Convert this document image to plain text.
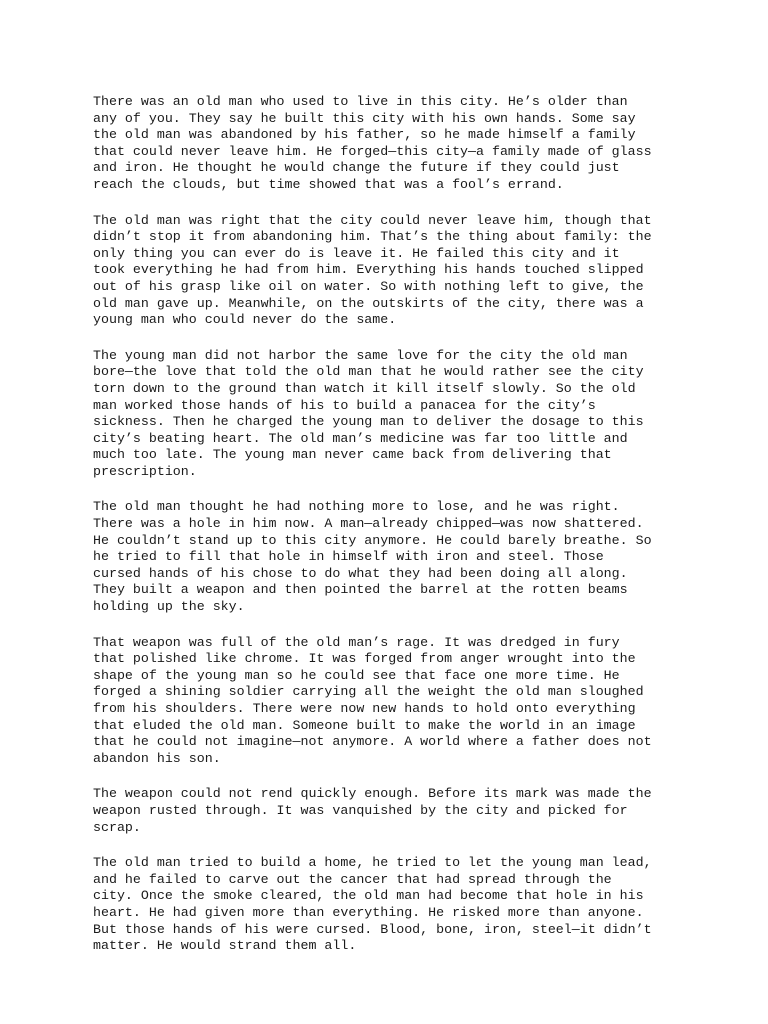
There was an old man who used to live in this city. He’s older than
any of you. They say he built this city with his own hands. Some say
the old man was abandoned by his father, so he made himself a family
that could never leave him. He forged—this city—a family made of glass
and iron. He thought he would change the future if they could just
reach the clouds, but time showed that was a fool’s errand.
The old man was right that the city could never leave him, though that
didn’t stop it from abandoning him. That’s the thing about family: the
only thing you can ever do is leave it. He failed this city and it
took everything he had from him. Everything his hands touched slipped
out of his grasp like oil on water. So with nothing left to give, the
old man gave up. Meanwhile, on the outskirts of the city, there was a
young man who could never do the same.
The young man did not harbor the same love for the city the old man
bore—the love that told the old man that he would rather see the city
torn down to the ground than watch it kill itself slowly. So the old
man worked those hands of his to build a panacea for the city’s
sickness. Then he charged the young man to deliver the dosage to this
city’s beating heart. The old man’s medicine was far too little and
much too late. The young man never came back from delivering that
prescription.
The old man thought he had nothing more to lose, and he was right.
There was a hole in him now. A man—already chipped—was now shattered.
He couldn’t stand up to this city anymore. He could barely breathe. So
he tried to fill that hole in himself with iron and steel. Those
cursed hands of his chose to do what they had been doing all along.
They built a weapon and then pointed the barrel at the rotten beams
holding up the sky.
That weapon was full of the old man’s rage. It was dredged in fury
that polished like chrome. It was forged from anger wrought into the
shape of the young man so he could see that face one more time. He
forged a shining soldier carrying all the weight the old man sloughed
from his shoulders. There were now new hands to hold onto everything
that eluded the old man. Someone built to make the world in an image
that he could not imagine—not anymore. A world where a father does not
abandon his son.
The weapon could not rend quickly enough. Before its mark was made the
weapon rusted through. It was vanquished by the city and picked for
scrap.
The old man tried to build a home, he tried to let the young man lead,
and he failed to carve out the cancer that had spread through the
city. Once the smoke cleared, the old man had become that hole in his
heart. He had given more than everything. He risked more than anyone.
But those hands of his were cursed. Blood, bone, iron, steel—it didn’t
matter. He would strand them all.
